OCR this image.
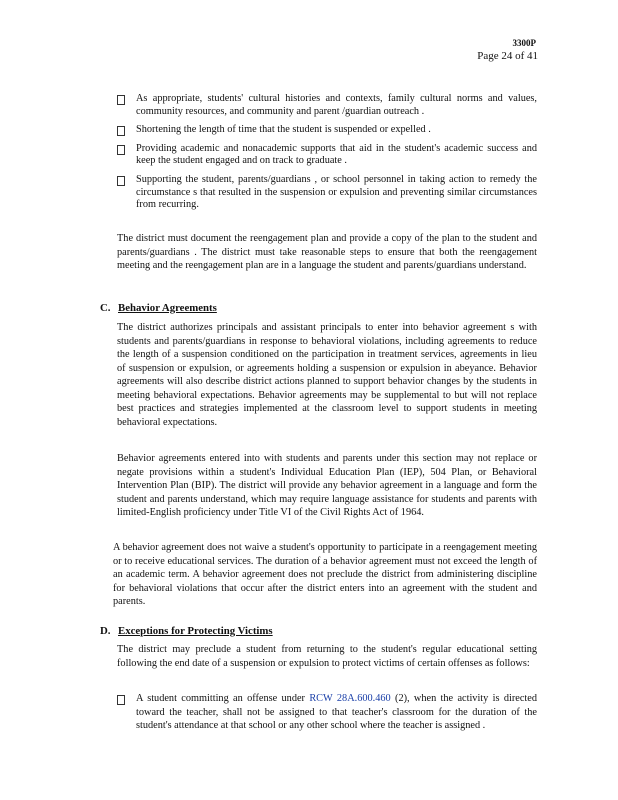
3300P
Page 24 of 41
As appropriate, students' cultural histories and contexts, family cultural norms and values, community resources, and community and parent /guardian outreach .
Shortening the length of time that the student is suspended or expelled .
Providing academic and nonacademic supports that aid in the student's academic success and keep the student engaged and on track to graduate .
Supporting the student, parents/guardians , or school personnel in taking action to remedy the circumstance s that resulted in the suspension or expulsion and preventing similar circumstances from recurring.

The district must document the reengagement plan and provide a copy of the plan to the student and parents/guardians . The district must take reasonable steps to ensure that both the reengagement meeting and the reengagement plan are in a language the student and parents/guardians understand.

C. Behavior Agreements

The district authorizes principals and assistant principals to enter into behavior agreement s with students and parents/guardians in response to behavioral violations, including agreements to reduce the length of a suspension conditioned on the participation in treatment services, agreements in lieu of suspension or expulsion, or agreements holding a suspension or expulsion in abeyance. Behavior agreements will also describe district actions planned to support behavior changes by the students in meeting behavioral expectations. Behavior agreements may be supplemental to but will not replace best practices and strategies implemented at the classroom level to support students in meeting behavioral expectations.

Behavior agreements entered into with students and parents under this section may not replace or negate provisions within a student's Individual Education Plan (IEP), 504 Plan, or Behavioral Intervention Plan (BIP). The district will provide any behavior agreement in a language and form the student and parents understand, which may require language assistance for students and parents with limited-English proficiency under Title VI of the Civil Rights Act of 1964.

A behavior agreement does not waive a student's opportunity to participate in a reengagement meeting or to receive educational services. The duration of a behavior agreement must not exceed the length of an academic term. A behavior agreement does not preclude the district from administering discipline for behavioral violations that occur after the district enters into an agreement with the student and parents.

D. Exceptions for Protecting Victims

The district may preclude a student from returning to the student's regular educational setting following the end date of a suspension or expulsion to protect victims of certain offenses as follows:

A student committing an offense under RCW 28A.600.460 (2), when the activity is directed toward the teacher, shall not be assigned to that teacher's classroom for the duration of the student's attendance at that school or any other school where the teacher is assigned .
